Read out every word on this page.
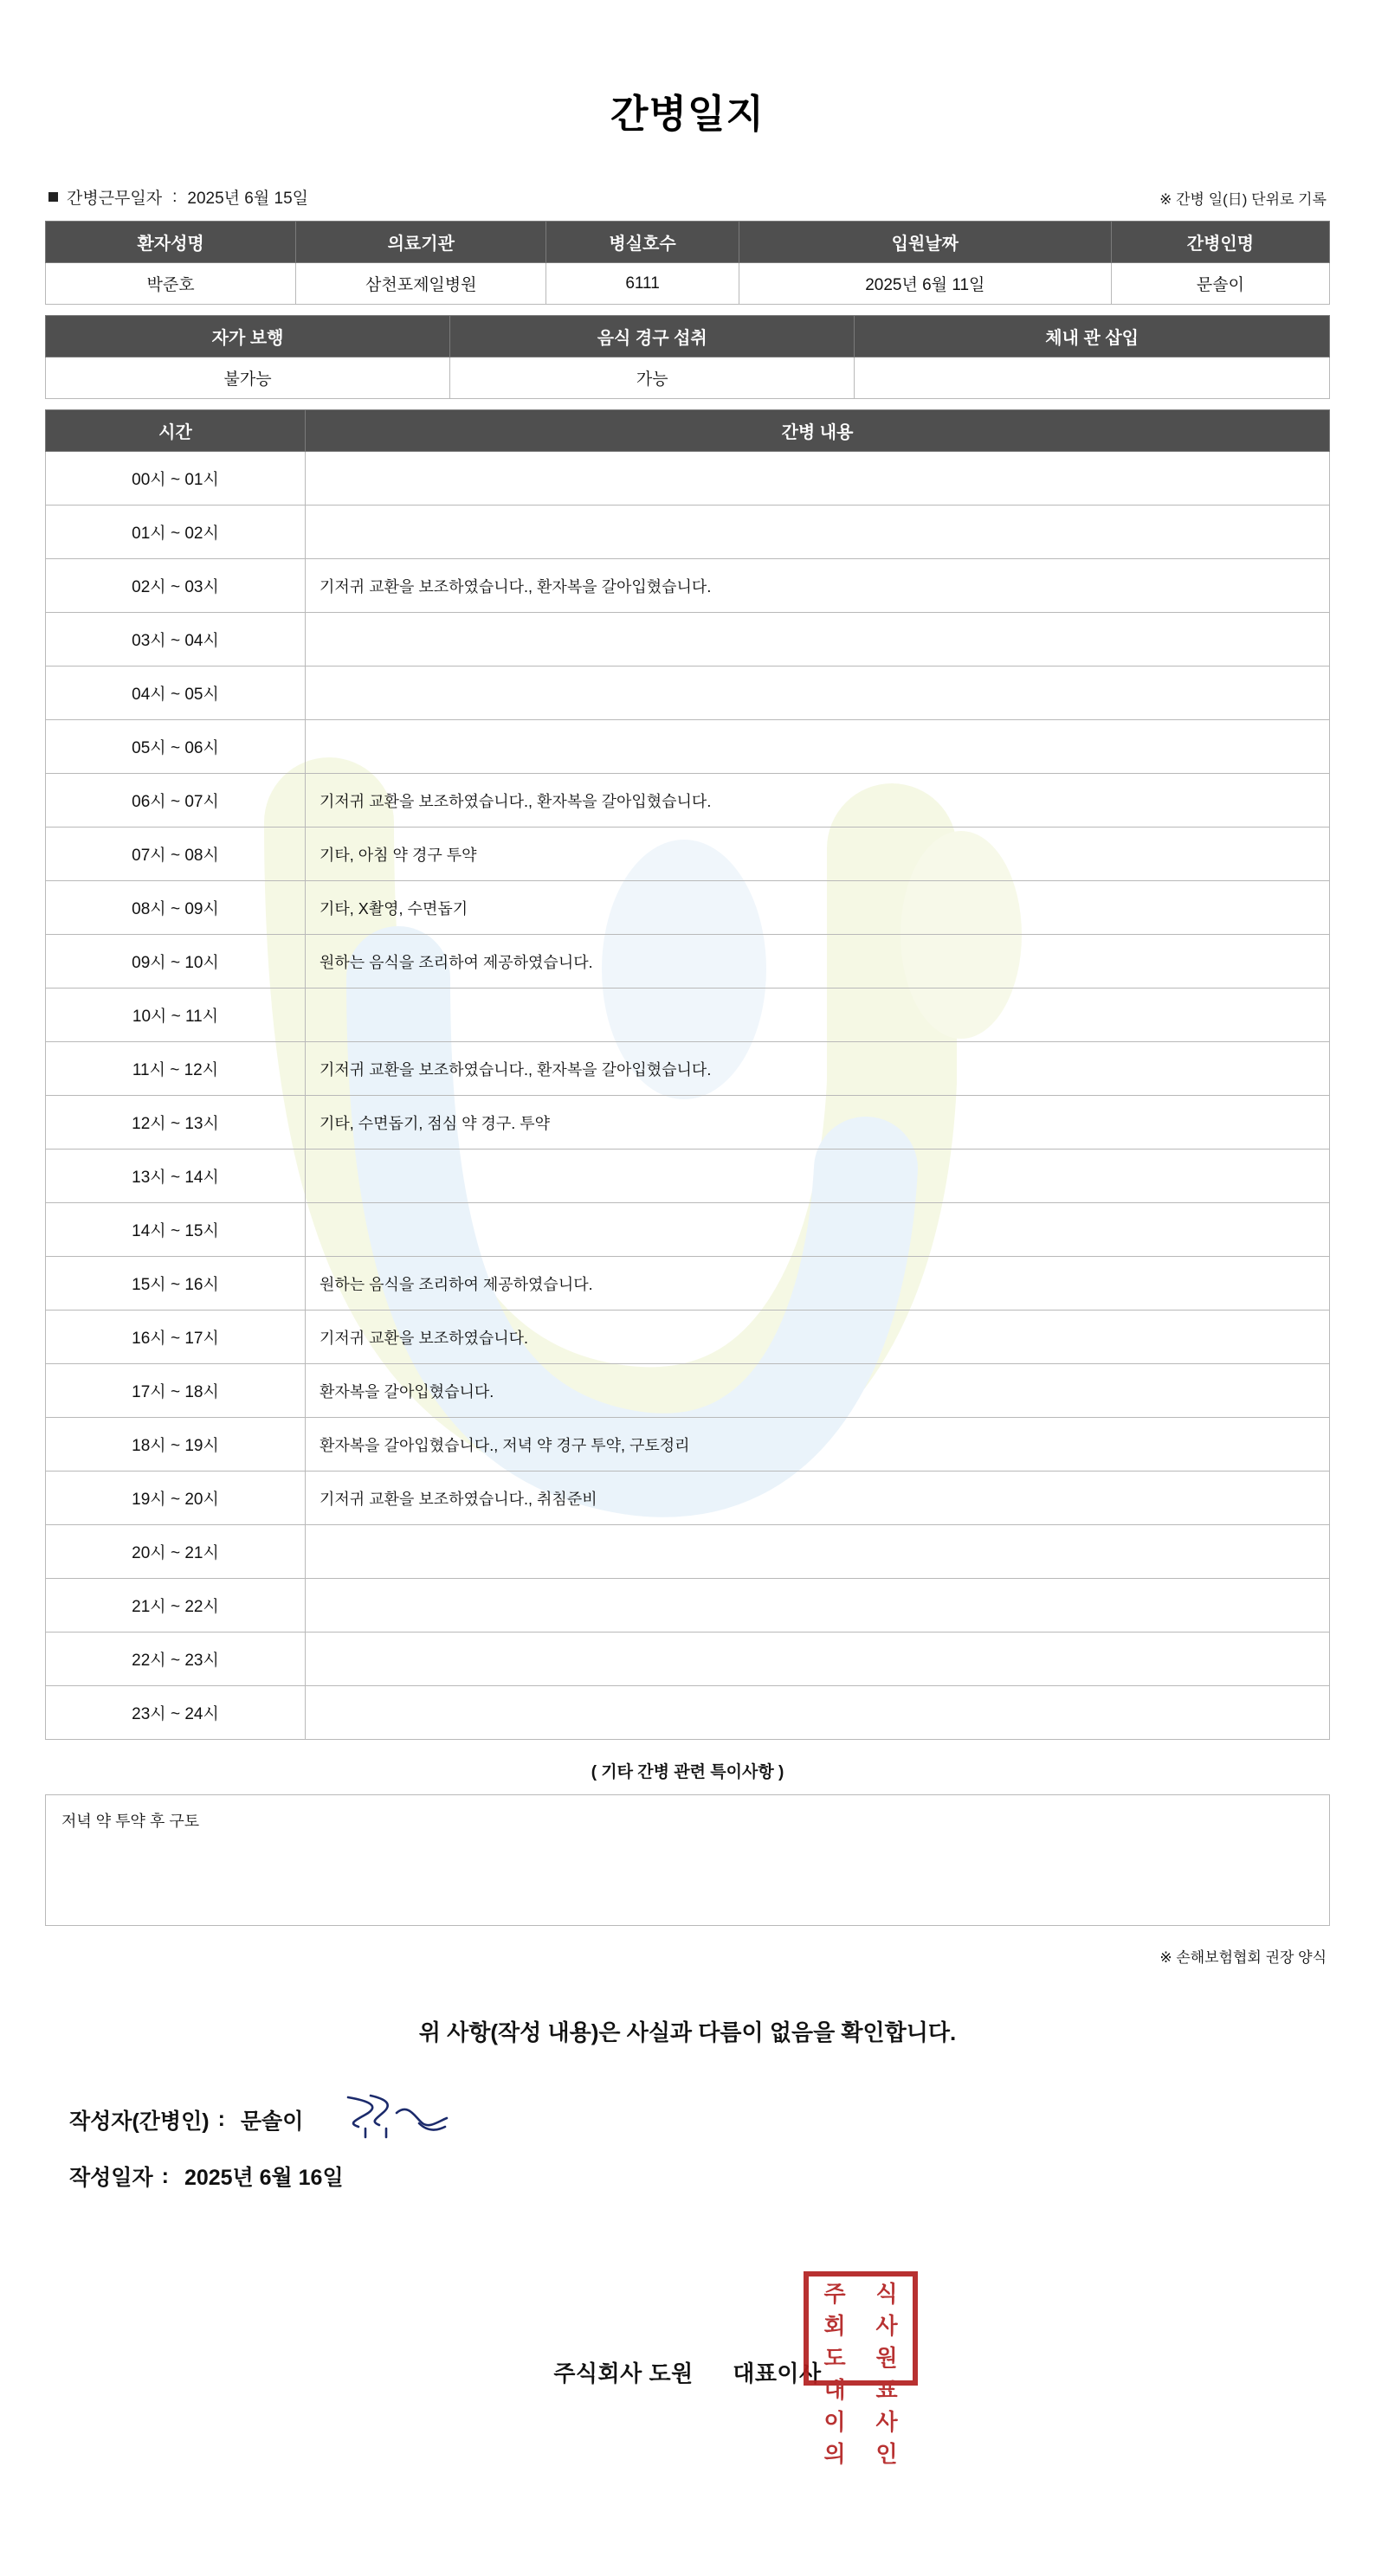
간병일지
간병근무일자 : 2025년 6월 15일	※ 간병 일(日) 단위로 기록
환자성명	의료기관	병실호수	입원날짜	간병인명
박준호	삼천포제일병원	6111	2025년 6월 11일	문솔이
자가 보행	음식 경구 섭취	체내 관 삽입
불가능	가능	
시간	간병 내용
00시 ~ 01시	
01시 ~ 02시	
02시 ~ 03시	기저귀 교환을 보조하였습니다., 환자복을 갈아입혔습니다.
03시 ~ 04시	
04시 ~ 05시	
05시 ~ 06시	
06시 ~ 07시	기저귀 교환을 보조하였습니다., 환자복을 갈아입혔습니다.
07시 ~ 08시	기타, 아침 약 경구 투약
08시 ~ 09시	기타, X촬영, 수면돕기
09시 ~ 10시	원하는 음식을 조리하여 제공하였습니다.
10시 ~ 11시	
11시 ~ 12시	기저귀 교환을 보조하였습니다., 환자복을 갈아입혔습니다.
12시 ~ 13시	기타, 수면돕기, 점심 약 경구. 투약
13시 ~ 14시	
14시 ~ 15시	
15시 ~ 16시	원하는 음식을 조리하여 제공하였습니다.
16시 ~ 17시	기저귀 교환을 보조하였습니다.
17시 ~ 18시	환자복을 갈아입혔습니다.
18시 ~ 19시	환자복을 갈아입혔습니다., 저녁 약 경구 투약, 구토정리
19시 ~ 20시	기저귀 교환을 보조하였습니다., 취침준비
20시 ~ 21시	
21시 ~ 22시	
22시 ~ 23시	
23시 ~ 24시	
( 기타 간병 관련 특이사항 )
저녁 약 투약 후 구토
※ 손해보험협회 권장 양식
위 사항(작성 내용)은 사실과 다름이 없음을 확인합니다.
작성자(간병인) : 문솔이
작성일자 : 2025년 6월 16일
주식회사 도원 대표이사
주	식
회	사
도	원
대	표
이	사
의	인
